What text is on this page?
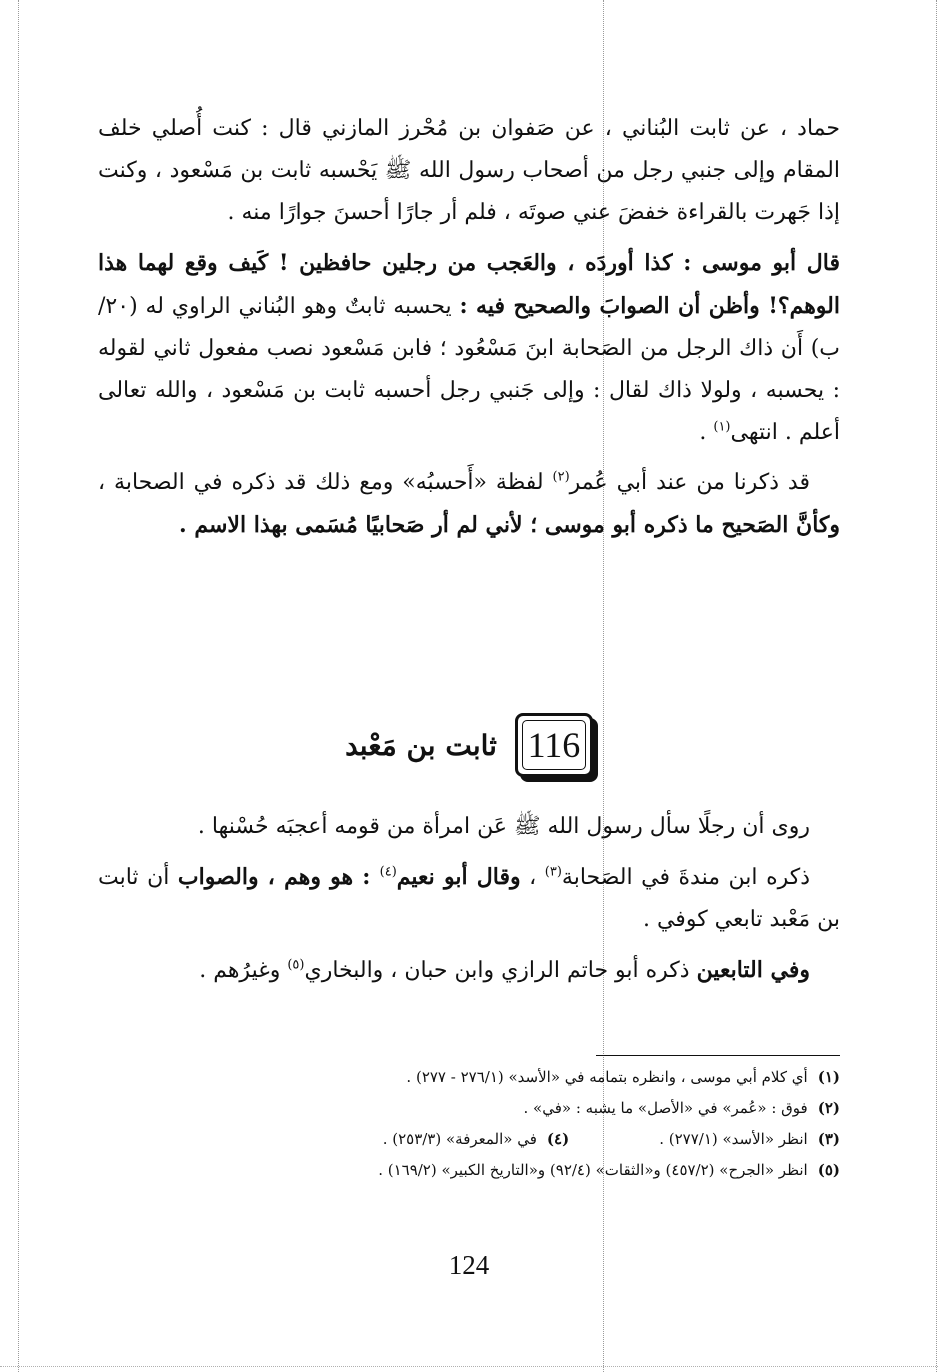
حماد ، عن ثابت البُناني ، عن صَفوان بن مُحْرز المازني قال : كنت أُصلي خلف المقام وإلى جنبي رجل من أصحاب رسول الله ﷺ يَحْسبه ثابت بن مَسْعود ، وكنت إذا جَهرت بالقراءة خفضَ عني صوتَه ، فلم أر جارًا أحسنَ جوارًا منه .

قال أبو موسى : كذا أوردَه ، والعَجب من رجلين حافظين ! كَيف وقع لهما هذا الوهم؟! وأظن أن الصوابَ والصحيح فيه : يحسبه ثابتٌ وهو البُناني الراوي له (٢٠/ب) أَن ذاك الرجل من الصَحابة ابنَ مَسْعُود ؛ فابن مَسْعود نصب مفعول ثاني لقوله : يحسبه ، ولولا ذاك لقال : وإلى جَنبي رجل أحسبه ثابت بن مَسْعود ، والله تعالى أعلم . انتهى$^{(١)}$ .

قد ذكرنا من عند أبي عُمر$^{(٢)}$ لفظة «أَحسبُه» ومع ذلك قد ذكره في الصحابة ، وكأنَّ الصَحيح ما ذكره أبو موسى ؛ لأني لم أر صَحابيًا مُسَمى بهذا الاسم .

116
ثابت بن مَعْبد

روى أن رجلًا سأل رسول الله ﷺ عَن امرأة من قومه أعجبَه حُسْنها .

ذكره ابن مندةَ في الصَحابة$^{(٣)}$ ، وقال أبو نعيم$^{(٤)}$ : هو وهم ، والصواب أن ثابت بن مَعْبد تابعي كوفي .

وفي التابعين ذكره أبو حاتم الرازي وابن حبان ، والبخاري$^{(٥)}$ وغيرُهم .

(١)
أي كلام أبي موسى ، وانظره بتمامه في «الأسد» (٢٧٦/١ - ٢٧٧) .
(٢)
فوق : «عُمر» في «الأصل» ما يشبه : «في» .
(٣)
انظر «الأسد» (٢٧٧/١) .
(٤)
في «المعرفة» (٢٥٣/٣) .
(٥)
انظر «الجرح» (٤٥٧/٢) و«الثقات» (٩٢/٤) و«التاريخ الكبير» (١٦٩/٢) .
124
